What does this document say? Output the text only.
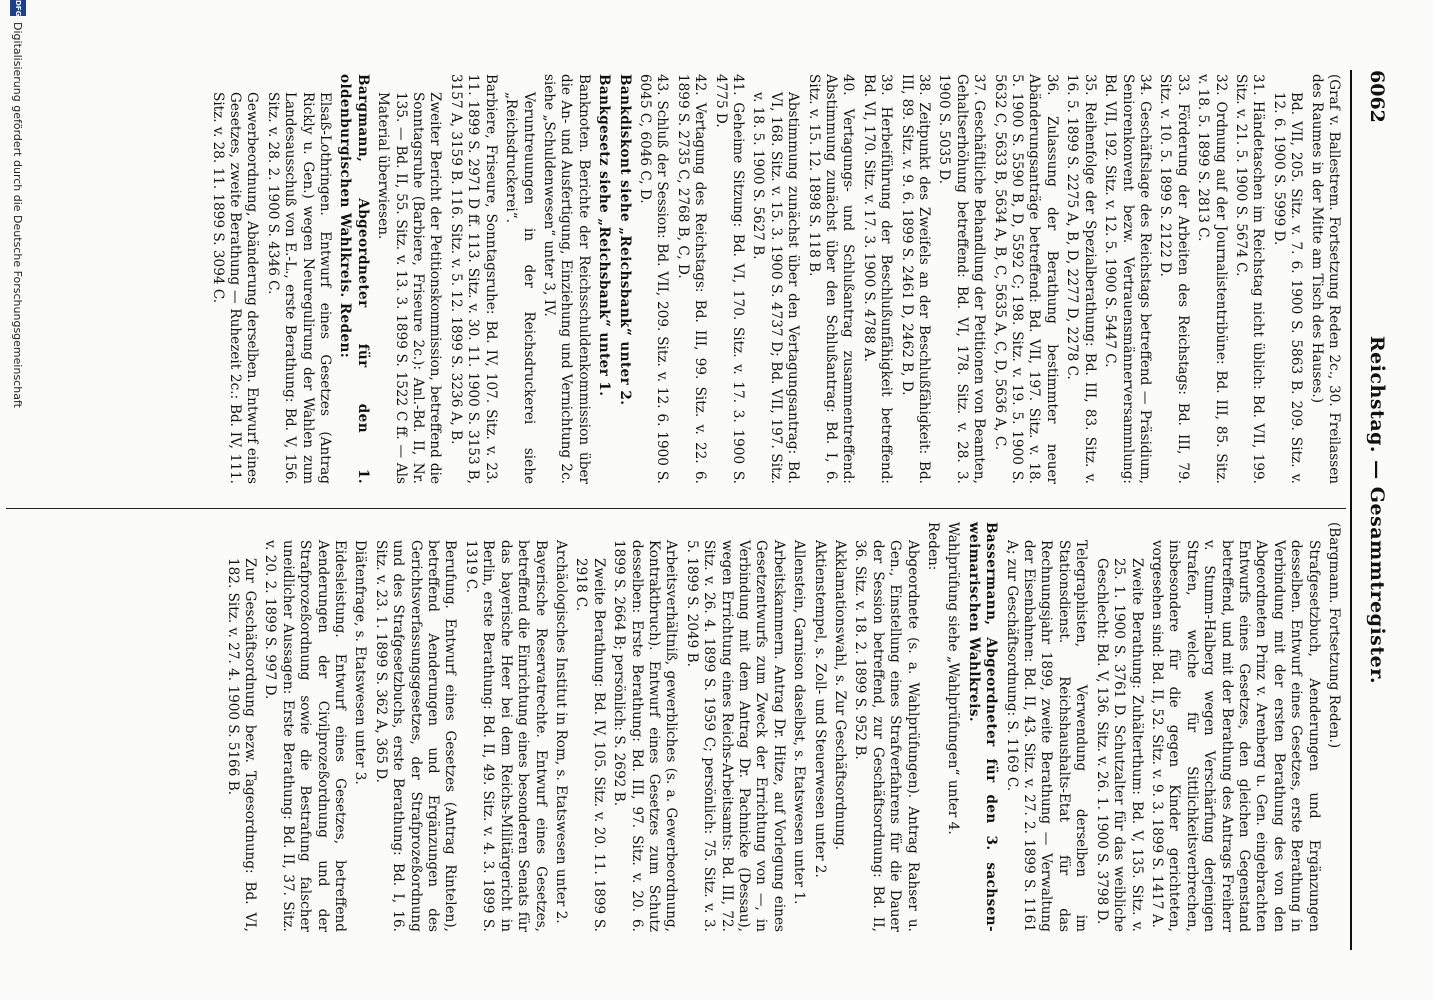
6062
Reichstag. — Gesammtregister.

(Graf v. Ballestrem. Fortsetzung Reden 2c., 30. Freilassen des Raumes in der Mitte am Tisch des Hauses.)

Bd. VII, 205. Sitz. v. 7. 6. 1900 S. 5863 B. 209. Sitz. v. 12. 6. 1900 S. 5999 D.

31. Händetaschen im Reichstag nicht üblich: Bd. VII, 199. Sitz. v. 21. 5. 1900 S. 5674 C.

32. Ordnung auf der Journalistentribüne: Bd. III, 85. Sitz. v. 18. 5. 1899 S. 2813 C.

33. Förderung der Arbeiten des Reichstags: Bd. III, 79. Sitz. v. 10. 5. 1899 S. 2122 D.

34. Geschäftslage des Reichstags betreffend — Präsidium, Seniorenkonvent bezw. Vertrauensmännerversammlung: Bd. VII, 192. Sitz. v. 12. 5. 1900 S. 5447 C.

35. Reihenfolge der Spezialberathung: Bd. III, 83. Sitz. v. 16. 5. 1899 S. 2275 A, B, D, 2277 D, 2278 C.

36. Zulassung der Berathung bestimmter neuer Abänderungsanträge betreffend: Bd. VII, 197. Sitz. v. 18. 5. 1900 S. 5590 B, D, 5592 C; 198. Sitz. v. 19. 5. 1900 S. 5632 C, 5633 B, 5634 A, B, C, 5635 A, C, D, 5636 A, C.

37. Geschäftliche Behandlung der Petitionen von Beamten, Gehaltserhöhung betreffend: Bd. VI, 178. Sitz. v. 28. 3. 1900 S. 5035 D.

38. Zeitpunkt des Zweifels an der Beschlußfähigkeit: Bd. III, 89. Sitz. v. 9. 6. 1899 S. 2461 D, 2462 B, D.

39. Herbeiführung der Beschlußunfähigkeit betreffend: Bd. VI, 170. Sitz. v. 17. 3. 1900 S. 4788 A.

40. Vertagungs- und Schlußantrag zusammentreffend: Abstimmung zunächst über den Schlußantrag: Bd. I, 6. Sitz. v. 15. 12. 1898 S. 118 B.

Abstimmung zunächst über den Vertagungsantrag: Bd. VI, 168. Sitz. v. 15. 3. 1900 S. 4737 D; Bd. VII, 197. Sitz. v. 18. 5. 1900 S. 5627 B.

41. Geheime Sitzung: Bd. VI, 170. Sitz. v. 17. 3. 1900 S. 4775 D.

42. Vertagung des Reichstags: Bd. III, 99. Sitz. v. 22. 6. 1899 S. 2735 C, 2768 B, C, D.

43. Schluß der Session: Bd. VII, 209. Sitz. v. 12. 6. 1900 S. 6045 C, 6046 C, D.

Bankdiskont siehe „Reichsbank“ unter 2.

Bankgesetz siehe „Reichsbank“ unter 1.

Banknoten. Berichte der Reichsschuldenkommission über die An- und Ausfertigung, Einziehung und Vernichtung 2c. siehe „Schuldenwesen“ unter 3, IV.

Veruntreuungen in der Reichsdruckerei siehe „Reichsdruckerei“.

Barbiere, Friseure, Sonntagsruhe: Bd. IV, 107. Sitz. v. 23. 11. 1899 S. 2971 D ff. 113. Sitz. v. 30. 11. 1900 S. 3153 B, 3157 A, 3159 B. 116. Sitz. v. 5. 12. 1899 S. 3236 A, B.

Zweiter Bericht der Petitionskommission, betreffend die Sonntagsruhe (Barbiere, Friseure 2c.): Anl.-Bd. II, Nr. 135. — Bd. II, 55. Sitz. v. 13. 3. 1899 S. 1522 C ff. — Als Material überwiesen.

Bargmann, Abgeordneter für den 1. oldenburgischen Wahlkreis. Reden:

Elsaß-Lothringen. Entwurf eines Gesetzes (Antrag Rickly u. Gen.) wegen Neuregulirung der Wahlen zum Landesausschuß von E.-L., erste Berathung: Bd. V, 156. Sitz. v. 28. 2. 1900 S. 4346 C.

Gewerbeordnung, Abänderung derselben. Entwurf eines Gesetzes, zweite Berathung — Ruhezeit 2c.: Bd. IV, 111. Sitz. v. 28. 11. 1899 S. 3094 C.

(Bargmann. Fortsetzung Reden.)

Strafgesetzbuch, Aenderungen und Ergänzungen desselben. Entwurf eines Gesetzes, erste Berathung in Verbindung mit der ersten Berathung des von den Abgeordneten Prinz v. Arenberg u. Gen. eingebrachten Entwurfs eines Gesetzes, den gleichen Gegenstand betreffend, und mit der Berathung des Antrags Freiherr v. Stumm-Halberg wegen Verschärfung derjenigen Strafen, welche für Sittlichkeitsverbrechen, insbesondere für die gegen Kinder gerichteten, vorgesehen sind: Bd. II, 52. Sitz. v. 9. 3. 1899 S. 1417 A.

Zweite Berathung: Zuhälterthum: Bd. V, 135. Sitz. v. 25. 1. 1900 S. 3761 D. Schutzalter für das weibliche Geschlecht: Bd. V, 136. Sitz. v. 26. 1. 1900 S. 3798 D.

Telegraphisten, Verwendung derselben im Stationsdienst. Reichshaushalts-Etat für das Rechnungsjahr 1899, zweite Berathung — Verwaltung der Eisenbahnen: Bd. II, 43. Sitz. v. 27. 2. 1899 S. 1161 A; zur Geschäftsordnung: S. 1169 C.

Bassermann, Abgeordneter für den 3. sachsen-weimarischen Wahlkreis.

Wahlprüfung siehe „Wahlprüfungen“ unter 4.

Reden:

Abgeordnete (s. a. Wahlprüfungen). Antrag Rahser u. Gen., Einstellung eines Strafverfahrens für die Dauer der Session betreffend, zur Geschäftsordnung: Bd. II, 36. Sitz. v. 18. 2. 1899 S. 952 B.

Akklamationswahl, s. Zur Geschäftsordnung.

Aktienstempel, s. Zoll- und Steuerwesen unter 2.

Allenstein, Garnison daselbst, s. Etatswesen unter 1.

Arbeitskammern. Antrag Dr. Hitze, auf Vorlegung eines Gesetzentwurfs zum Zweck der Errichtung von —, in Verbindung mit dem Antrag Dr. Pachnicke (Dessau), wegen Errichtung eines Reichs-Arbeitsamts: Bd. III, 72. Sitz. v. 26. 4. 1899 S. 1959 C; persönlich: 75. Sitz. v. 3. 5. 1899 S. 2049 B.

Arbeitsverhältniß, gewerbliches (s. a. Gewerbeordnung, Kontraktbruch). Entwurf eines Gesetzes zum Schutz desselben: Erste Berathung: Bd. III, 97. Sitz. v. 20. 6. 1899 S. 2664 B; persönlich: S. 2692 B.

Zweite Berathung: Bd. IV, 105. Sitz. v. 20. 11. 1899 S. 2918 C.

Archäologisches Institut in Rom, s. Etatswesen unter 2.

Bayerische Reservatrechte. Entwurf eines Gesetzes, betreffend die Einrichtung eines besonderen Senats für das bayerische Heer bei dem Reichs-Militärgericht in Berlin, erste Berathung: Bd. II, 49. Sitz. v. 4. 3. 1899 S. 1319 C.

Berufung. Entwurf eines Gesetzes (Antrag Rintelen), betreffend Aenderungen und Ergänzungen des Gerichtsverfassungsgesetzes, der Strafprozeßordnung und des Strafgesetzbuchs, erste Berathung: Bd. I, 16. Sitz. v. 23. 1. 1899 S. 362 A, 365 D.

Diätenfrage, s. Etatswesen unter 3.

Eidesleistung. Entwurf eines Gesetzes, betreffend Aenderungen der Civilprozeßordnung und der Strafprozeßordnung sowie die Bestrafung falscher uneidlicher Aussagen: Erste Berathung: Bd. II, 37. Sitz. v. 20. 2. 1899 S. 997 D.

Zur Geschäftsordnung bezw. Tagesordnung: Bd. VI, 182. Sitz. v. 27. 4. 1900 S. 5166 B.

DFG
Digitalisierung gefördert durch die Deutsche Forschungsgemeinschaft
